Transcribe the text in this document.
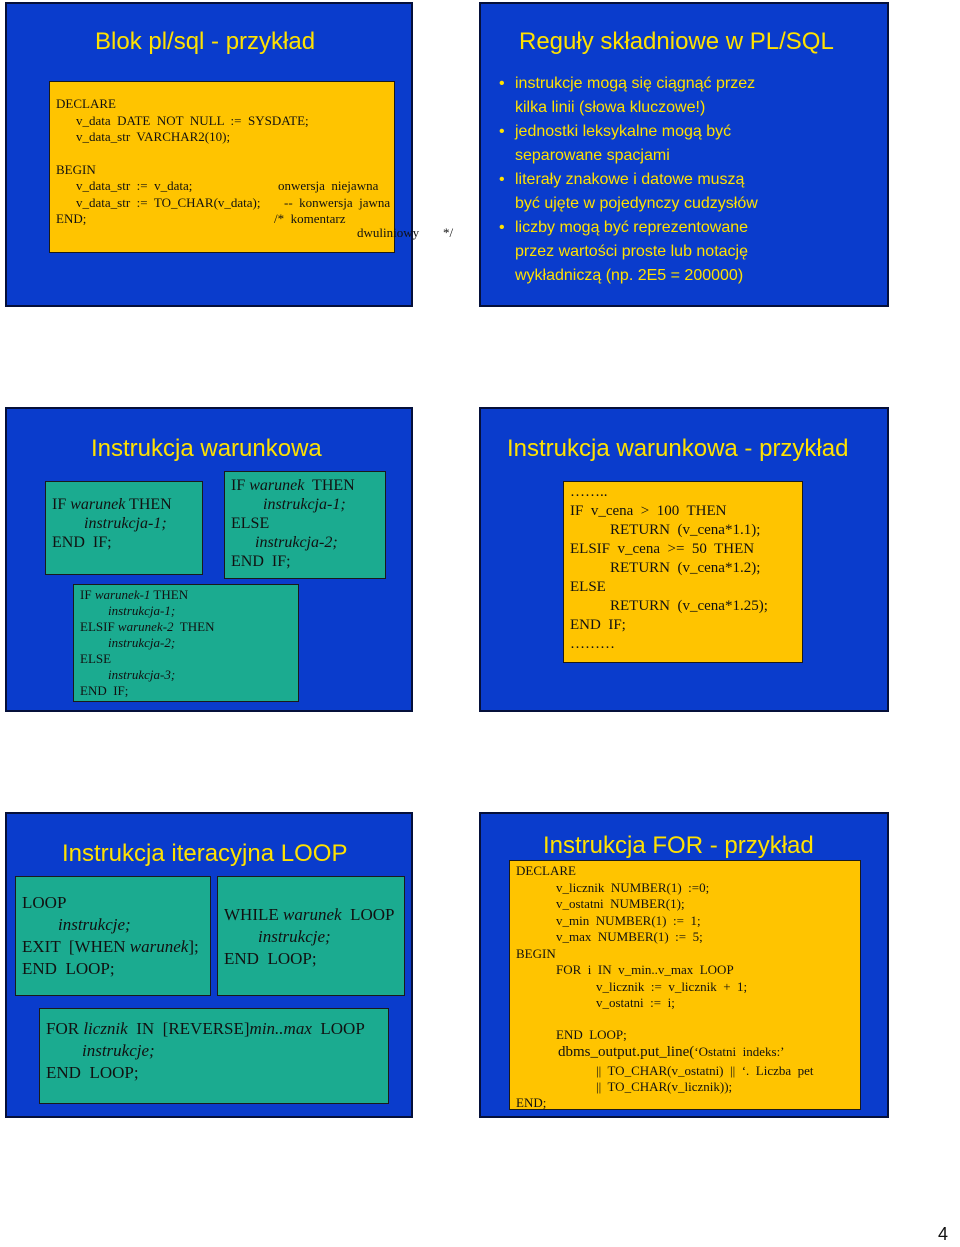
Blok pl/sql - przykład
DECLARE
v_data  DATE  NOT  NULL  :=  SYSDATE;
v_data_str  VARCHAR2(10);
BEGIN
v_data_str  :=  v_data;	onwersja  niejawna
v_data_str  :=  TO_CHAR(v_data); --  konwersja  jawna
END;	/*  komentarz
dwuliniowy */
Reguły składniowe w PL/SQL
• instrukcje mogą się ciągnąć przez
kilka linii (słowa kluczowe!)
• jednostki leksykalne mogą być
separowane spacjami
• literały znakowe i datowe muszą
być ujęte w pojedynczy cudzysłów
• liczby mogą być reprezentowane
przez wartości proste lub notację
wykładniczą (np. 2E5 = 200000)
Instrukcja warunkowa
IF warunek THEN
instrukcja-1;
END  IF;
IF warunek  THEN
instrukcja-1;
ELSE
instrukcja-2;
END  IF;
IF warunek-1 THEN
instrukcja-1;
ELSIF warunek-2  THEN
instrukcja-2;
ELSE
instrukcja-3;
END  IF;
Instrukcja warunkowa - przykład
……..
IF  v_cena  >  100  THEN
RETURN  (v_cena*1.1);
ELSIF  v_cena  >=  50  THEN
RETURN  (v_cena*1.2);
ELSE
RETURN  (v_cena*1.25);
END  IF;
………
Instrukcja iteracyjna LOOP
LOOP
instrukcje;
EXIT  [WHEN warunek];
END  LOOP;
WHILE warunek  LOOP
instrukcje;
END  LOOP;
FOR licznik  IN  [REVERSE]min..max  LOOP
instrukcje;
END  LOOP;
Instrukcja FOR - przykład
DECLARE
v_licznik  NUMBER(1)  :=0;
v_ostatni  NUMBER(1);
v_min  NUMBER(1)  :=  1;
v_max  NUMBER(1)  :=  5;
BEGIN
FOR  i  IN  v_min..v_max  LOOP
v_licznik  :=  v_licznik  +  1;
v_ostatni  :=  i;
END  LOOP;
dbms_output.put_line(‘Ostatni  indeks:’
||  TO_CHAR(v_ostatni)  ||  ‘.  Liczba  pet
||  TO_CHAR(v_licznik));
END;
4
